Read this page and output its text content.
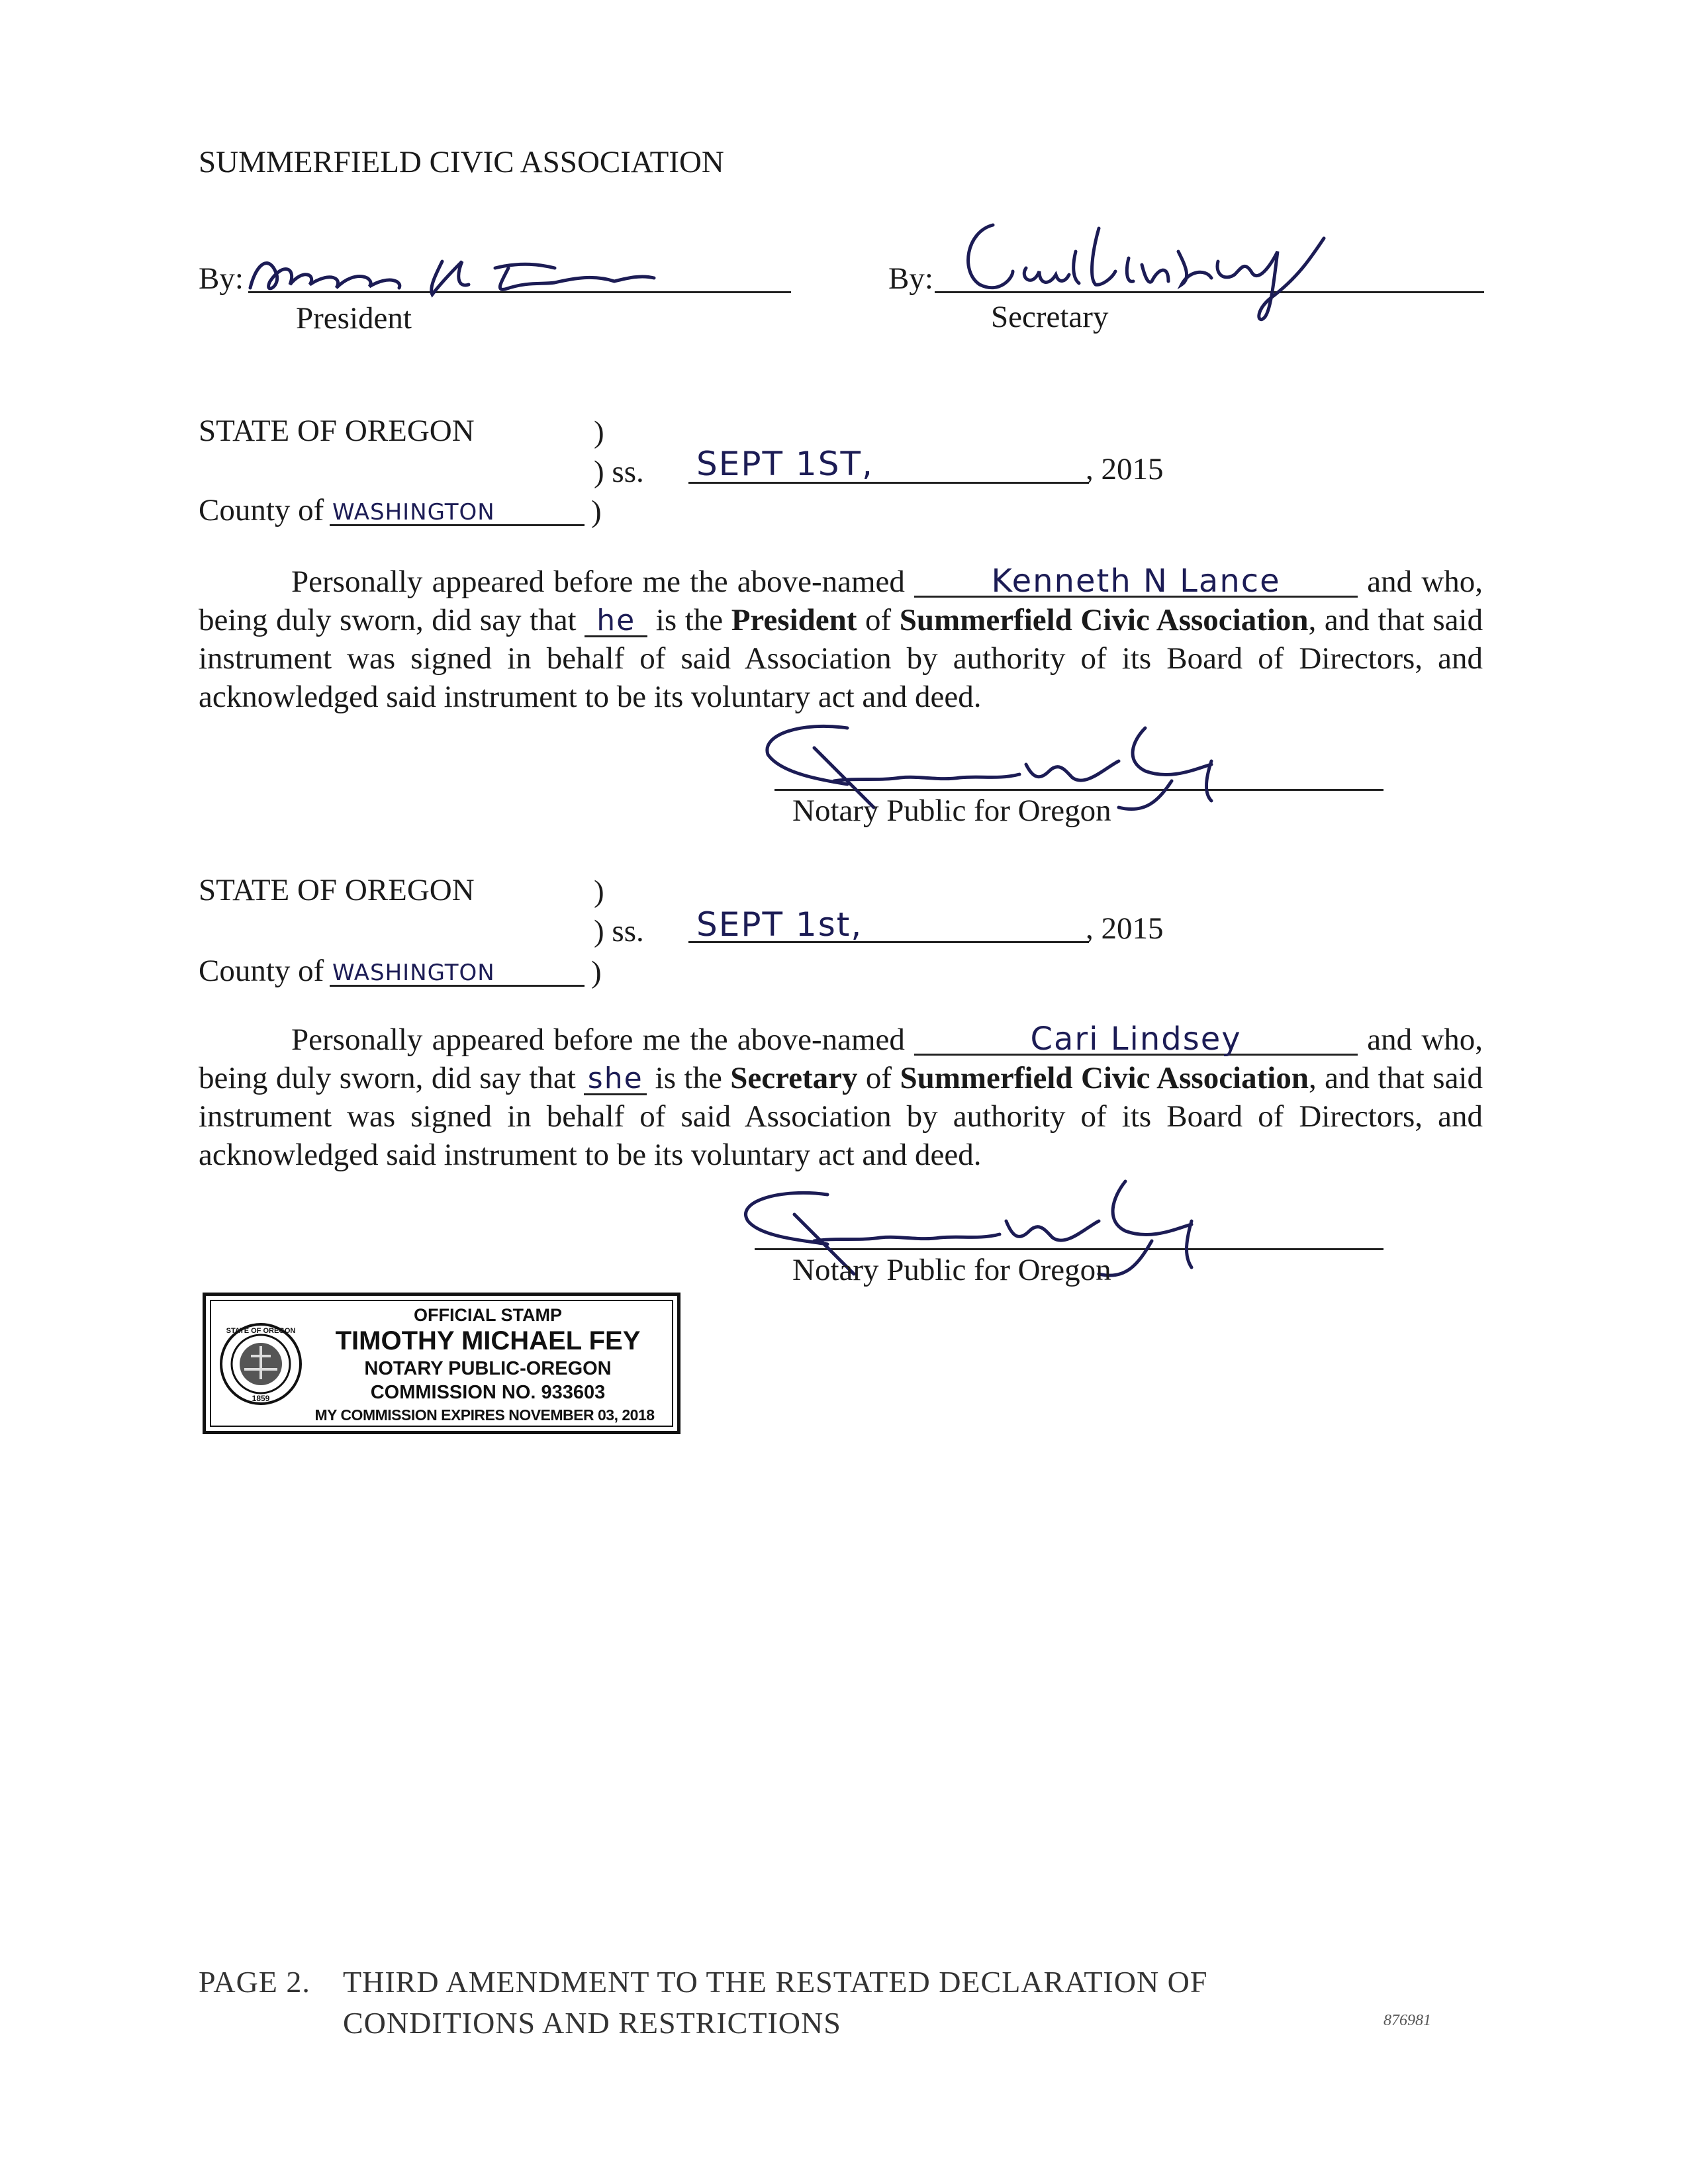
SUMMERFIELD CIVIC ASSOCIATION
By:
President
By:
Secretary
STATE OF OREGON	)
) ss. SEPT 1ST,	, 2015
County of WASHINGTON	)
Personally appeared before me the above-named	Kenneth N Lance	and who, being duly sworn, did say that he is the President of Summerfield Civic Association, and that said instrument was signed in behalf of said Association by authority of its Board of Directors, and acknowledged said instrument to be its voluntary act and deed.
Notary Public for Oregon
STATE OF OREGON	)
) ss. SEPT 1st,	, 2015
County of WASHINGTON	)
Personally appeared before me the above-named	Cari Lindsey	and who, being duly sworn, did say that she is the Secretary of Summerfield Civic Association, and that said instrument was signed in behalf of said Association by authority of its Board of Directors, and acknowledged said instrument to be its voluntary act and deed.
Notary Public for Oregon
STATE OF OREGON
1859
OFFICIAL STAMP
TIMOTHY MICHAEL FEY
NOTARY PUBLIC-OREGON
COMMISSION NO. 933603
MY COMMISSION EXPIRES NOVEMBER 03, 2018
PAGE 2. THIRD AMENDMENT TO THE RESTATED DECLARATION OF
CONDITIONS AND RESTRICTIONS	876981
